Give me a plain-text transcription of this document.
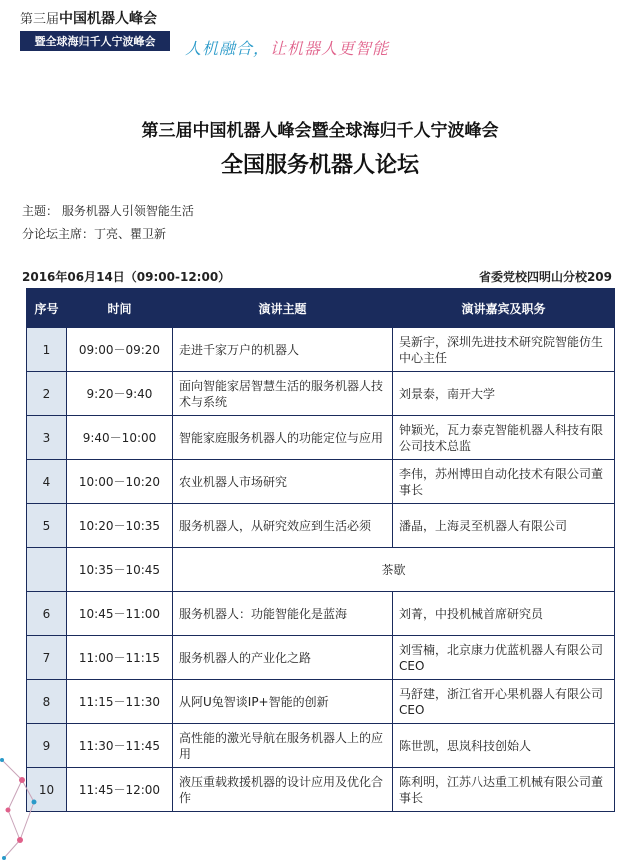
第三届中国机器人峰会
暨全球海归千人宁波峰会	人机融合，让机器人更智能
第三届中国机器人峰会暨全球海归千人宁波峰会
全国服务机器人论坛
主题： 服务机器人引领智能生活
分论坛主席：丁亮、瞿卫新
2016年06月14日（09:00-12:00）	省委党校四明山分校209
序号	时间	演讲主题	演讲嘉宾及职务
1	09:00－09:20	走进千家万户的机器人	吴新宇，深圳先进技术研究院智能仿生中心主任
2	9:20－9:40	面向智能家居智慧生活的服务机器人技术与系统	刘景泰，南开大学
3	9:40－10:00	智能家庭服务机器人的功能定位与应用	钟颖光，瓦力泰克智能机器人科技有限公司技术总监
4	10:00－10:20	农业机器人市场研究	李伟，苏州博田自动化技术有限公司董事长
5	10:20－10:35	服务机器人，从研究效应到生活必须	潘晶，上海灵至机器人有限公司
	10:35－10:45	茶歇	
6	10:45－11:00	服务机器人：功能智能化是蓝海	刘菁，中投机械首席研究员
7	11:00－11:15	服务机器人的产业化之路	刘雪楠，北京康力优蓝机器人有限公司CEO
8	11:15－11:30	从阿U兔智谈IP+智能的创新	马舒建，浙江省开心果机器人有限公司CEO
9	11:30－11:45	高性能的激光导航在服务机器人上的应用	陈世凯，思岚科技创始人
10	11:45－12:00	液压重载救援机器的设计应用及优化合作	陈利明，江苏八达重工机械有限公司董事长
